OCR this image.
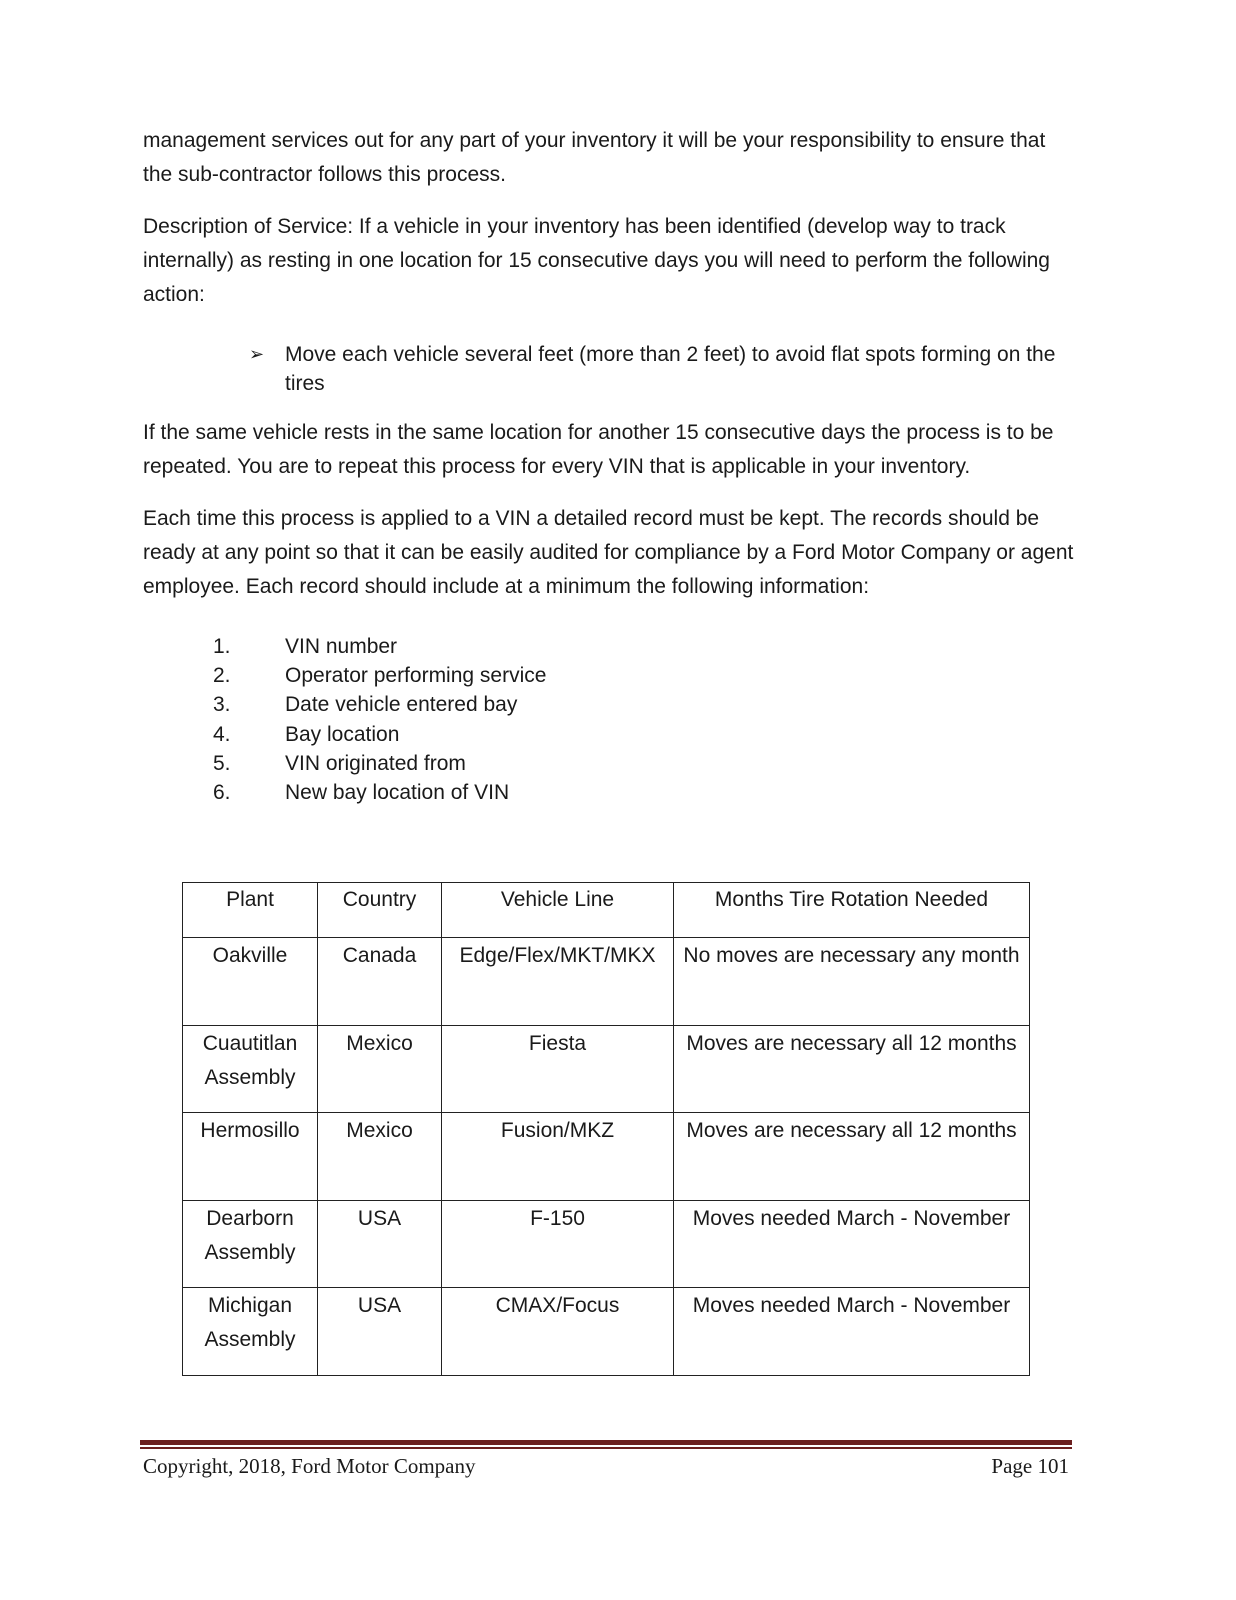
management services out for any part of your inventory it will be your responsibility to ensure that the sub-contractor follows this process.

Description of Service: If a vehicle in your inventory has been identified (develop way to track internally) as resting in one location for 15 consecutive days you will need to perform the following action:

➢ Move each vehicle several feet (more than 2 feet) to avoid flat spots forming on the tires

If the same vehicle rests in the same location for another 15 consecutive days the process is to be repeated. You are to repeat this process for every VIN that is applicable in your inventory.

Each time this process is applied to a VIN a detailed record must be kept. The records should be ready at any point so that it can be easily audited for compliance by a Ford Motor Company or agent employee. Each record should include at a minimum the following information:

1.	VIN number
2.	Operator performing service
3.	Date vehicle entered bay
4.	Bay location
5.	VIN originated from
6.	New bay location of VIN
Plant	Country	Vehicle Line	Months Tire Rotation Needed
Oakville	Canada	Edge/Flex/MKT/MKX	No moves are necessary any month
Cuautitlan Assembly	Mexico	Fiesta	Moves are necessary all 12 months
Hermosillo	Mexico	Fusion/MKZ	Moves are necessary all 12 months
Dearborn Assembly	USA	F-150	Moves needed March - November
Michigan Assembly	USA	CMAX/Focus	Moves needed March - November
Copyright, 2018, Ford Motor Company	Page 101
